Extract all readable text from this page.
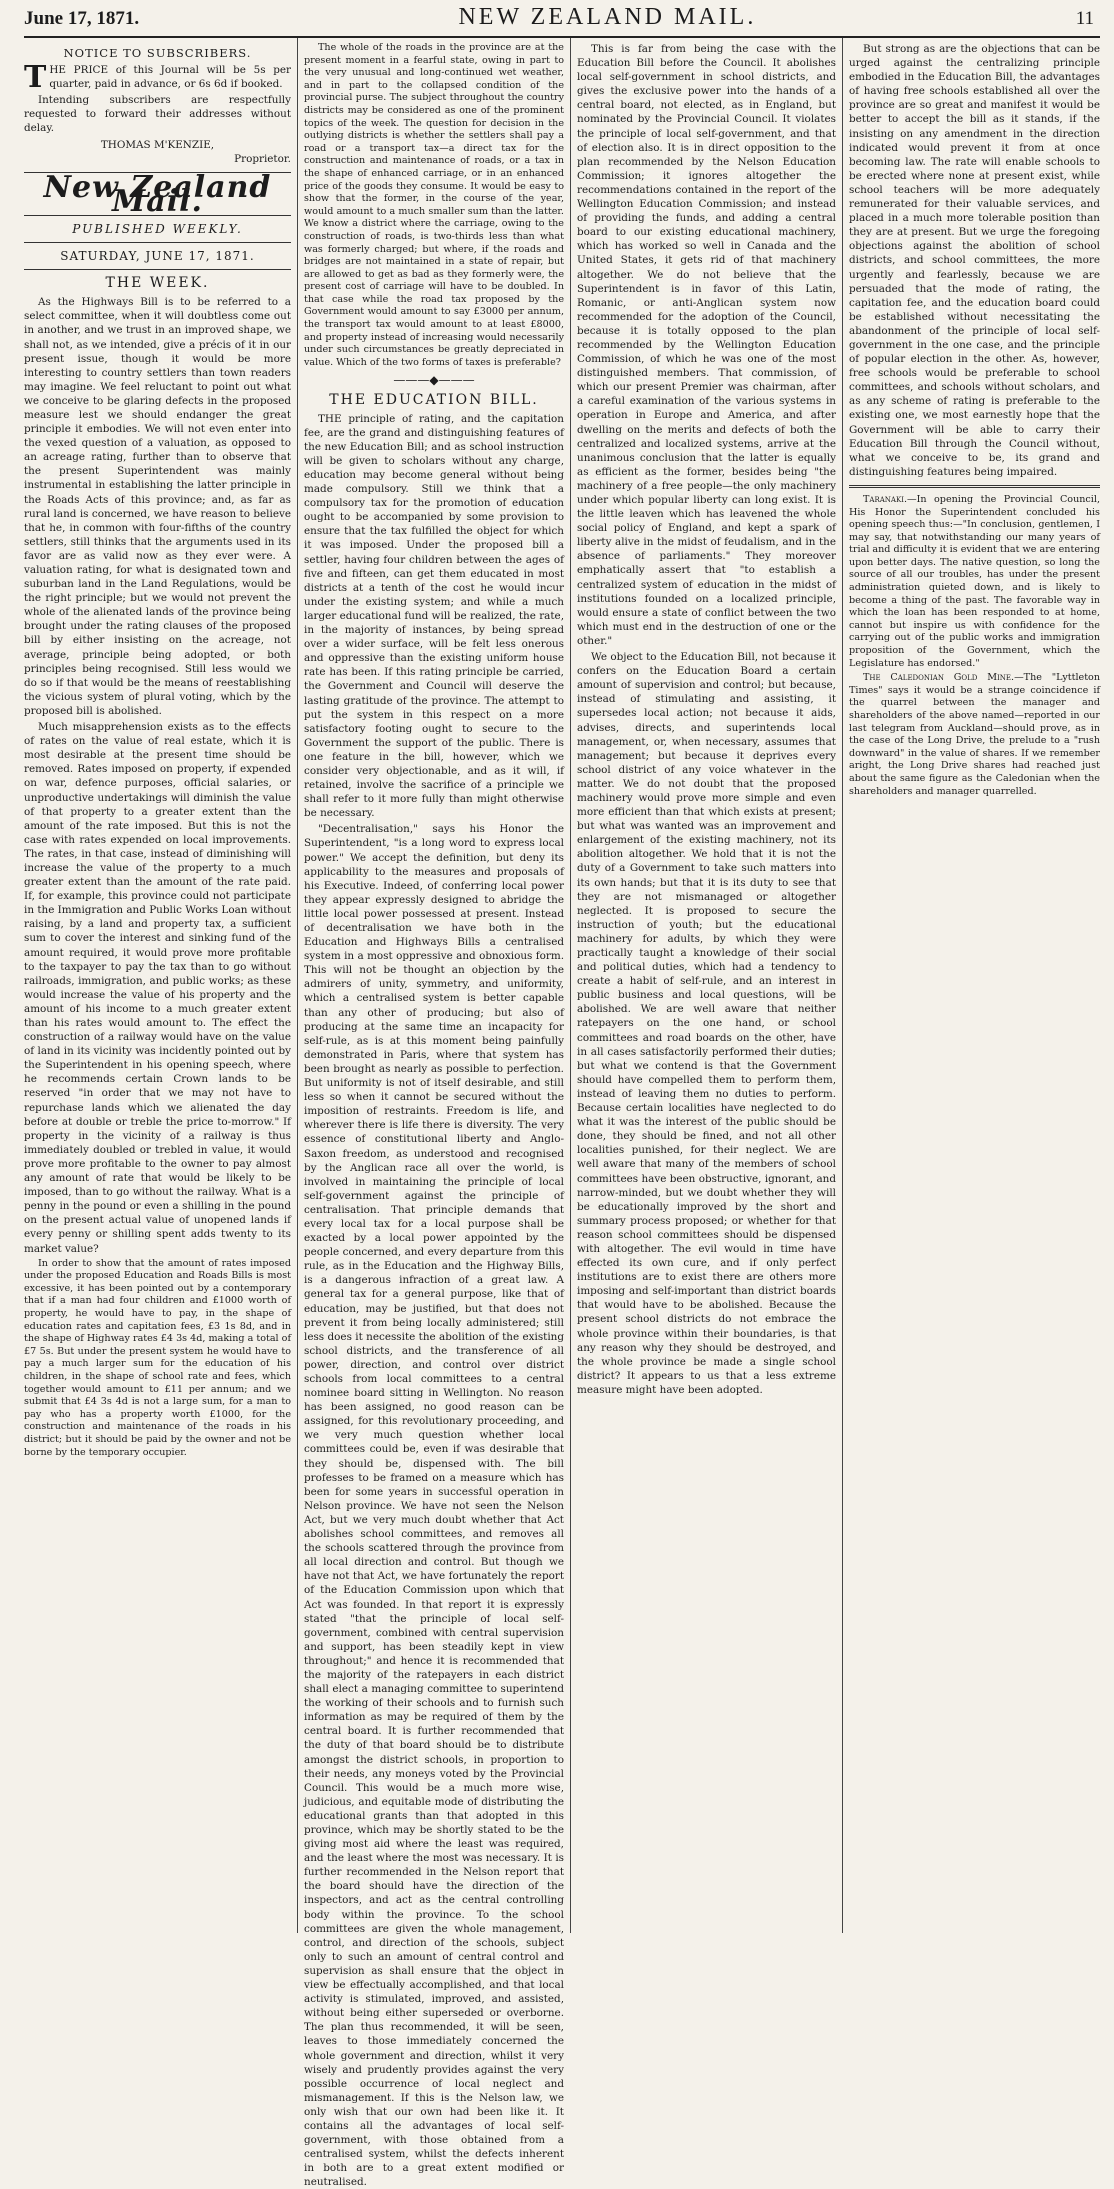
June 17, 1871.	NEW ZEALAND MAIL.	11
NOTICE TO SUBSCRIBERS.

THE PRICE of this Journal will be 5s per quarter, paid in advance, or 6s 6d if booked.

Intending subscribers are respectfully requested to forward their addresses without delay.

THOMAS M'KENZIE,
Proprietor.

New Zealand Mail.
PUBLISHED WEEKLY.
SATURDAY, JUNE 17, 1871.
THE WEEK.

As the Highways Bill is to be referred to a select committee, when it will doubtless come out in another, and we trust in an improved shape, we shall not, as we intended, give a précis of it in our present issue, though it would be more interesting to country settlers than town readers may imagine. We feel reluctant to point out what we conceive to be glaring defects in the proposed measure lest we should endanger the great principle it embodies. We will not even enter into the vexed question of a valuation, as opposed to an acreage rating, further than to observe that the present Superintendent was mainly instrumental in establishing the latter principle in the Roads Acts of this province; and, as far as rural land is concerned, we have reason to believe that he, in common with four-fifths of the country settlers, still thinks that the arguments used in its favor are as valid now as they ever were. A valuation rating, for what is designated town and suburban land in the Land Regulations, would be the right principle; but we would not prevent the whole of the alienated lands of the province being brought under the rating clauses of the proposed bill by either insisting on the acreage, not average, principle being adopted, or both principles being recognised. Still less would we do so if that would be the means of reestablishing the vicious system of plural voting, which by the proposed bill is abolished.

Much misapprehension exists as to the effects of rates on the value of real estate, which it is most desirable at the present time should be removed. Rates imposed on property, if expended on war, defence purposes, official salaries, or unproductive undertakings will diminish the value of that property to a greater extent than the amount of the rate imposed. But this is not the case with rates expended on local improvements. The rates, in that case, instead of diminishing will increase the value of the property to a much greater extent than the amount of the rate paid. If, for example, this province could not participate in the Immigration and Public Works Loan without raising, by a land and property tax, a sufficient sum to cover the interest and sinking fund of the amount required, it would prove more profitable to the taxpayer to pay the tax than to go without railroads, immigration, and public works; as these would increase the value of his property and the amount of his income to a much greater extent than his rates would amount to. The effect the construction of a railway would have on the value of land in its vicinity was incidently pointed out by the Superintendent in his opening speech, where he recommends certain Crown lands to be reserved "in order that we may not have to repurchase lands which we alienated the day before at double or treble the price to-morrow." If property in the vicinity of a railway is thus immediately doubled or trebled in value, it would prove more profitable to the owner to pay almost any amount of rate that would be likely to be imposed, than to go without the railway. What is a penny in the pound or even a shilling in the pound on the present actual value of unopened lands if every penny or shilling spent adds twenty to its market value?

In order to show that the amount of rates imposed under the proposed Education and Roads Bills is most excessive, it has been pointed out by a contemporary that if a man had four children and £1000 worth of property, he would have to pay, in the shape of education rates and capitation fees, £3 1s 8d, and in the shape of Highway rates £4 3s 4d, making a total of £7 5s. But under the present system he would have to pay a much larger sum for the education of his children, in the shape of school rate and fees, which together would amount to £11 per annum; and we submit that £4 3s 4d is not a large sum, for a man to pay who has a property worth £1000, for the construction and maintenance of the roads in his district; but it should be paid by the owner and not be borne by the temporary occupier.

The whole of the roads in the province are at the present moment in a fearful state, owing in part to the very unusual and long-continued wet weather, and in part to the collapsed condition of the provincial purse. The subject throughout the country districts may be considered as one of the prominent topics of the week. The question for decision in the outlying districts is whether the settlers shall pay a road or a transport tax—a direct tax for the construction and maintenance of roads, or a tax in the shape of enhanced carriage, or in an enhanced price of the goods they consume. It would be easy to show that the former, in the course of the year, would amount to a much smaller sum than the latter. We know a district where the carriage, owing to the construction of roads, is two-thirds less than what was formerly charged; but where, if the roads and bridges are not maintained in a state of repair, but are allowed to get as bad as they formerly were, the present cost of carriage will have to be doubled. In that case while the road tax proposed by the Government would amount to say £3000 per annum, the transport tax would amount to at least £8000, and property instead of increasing would necessarily under such circumstances be greatly depreciated in value. Which of the two forms of taxes is preferable?

———◆———
THE EDUCATION BILL.

THE principle of rating, and the capitation fee, are the grand and distinguishing features of the new Education Bill; and as school instruction will be given to scholars without any charge, education may become general without being made compulsory. Still we think that a compulsory tax for the promotion of education ought to be accompanied by some provision to ensure that the tax fulfilled the object for which it was imposed. Under the proposed bill a settler, having four children between the ages of five and fifteen, can get them educated in most districts at a tenth of the cost he would incur under the existing system; and while a much larger educational fund will be realized, the rate, in the majority of instances, by being spread over a wider surface, will be felt less onerous and oppressive than the existing uniform house rate has been. If this rating principle be carried, the Government and Council will deserve the lasting gratitude of the province. The attempt to put the system in this respect on a more satisfactory footing ought to secure to the Government the support of the public. There is one feature in the bill, however, which we consider very objectionable, and as it will, if retained, involve the sacrifice of a principle we shall refer to it more fully than might otherwise be necessary.

"Decentralisation," says his Honor the Superintendent, "is a long word to express local power." We accept the definition, but deny its applicability to the measures and proposals of his Executive. Indeed, of conferring local power they appear expressly designed to abridge the little local power possessed at present. Instead of decentralisation we have both in the Education and Highways Bills a centralised system in a most oppressive and obnoxious form. This will not be thought an objection by the admirers of unity, symmetry, and uniformity, which a centralised system is better capable than any other of producing; but also of producing at the same time an incapacity for self-rule, as is at this moment being painfully demonstrated in Paris, where that system has been brought as nearly as possible to perfection. But uniformity is not of itself desirable, and still less so when it cannot be secured without the imposition of restraints. Freedom is life, and wherever there is life there is diversity. The very essence of constitutional liberty and Anglo-Saxon freedom, as understood and recognised by the Anglican race all over the world, is involved in maintaining the principle of local self-government against the principle of centralisation. That principle demands that every local tax for a local purpose shall be exacted by a local power appointed by the people concerned, and every departure from this rule, as in the Education and the Highway Bills, is a dangerous infraction of a great law. A general tax for a general purpose, like that of education, may be justified, but that does not prevent it from being locally administered; still less does it necessite the abolition of the existing school districts, and the transference of all power, direction, and control over district schools from local committees to a central nominee board sitting in Wellington. No reason has been assigned, no good reason can be assigned, for this revolutionary proceeding, and we very much question whether local committees could be, even if was desirable that they should be, dispensed with. The bill professes to be framed on a measure which has been for some years in successful operation in Nelson province. We have not seen the Nelson Act, but we very much doubt whether that Act abolishes school committees, and removes all the schools scattered through the province from all local direction and control. But though we have not that Act, we have fortunately the report of the Education Commission upon which that Act was founded. In that report it is expressly stated "that the principle of local self-government, combined with central supervision and support, has been steadily kept in view throughout;" and hence it is recommended that the majority of the ratepayers in each district shall elect a managing committee to superintend the working of their schools and to furnish such information as may be required of them by the central board. It is further recommended that the duty of that board should be to distribute amongst the district schools, in proportion to their needs, any moneys voted by the Provincial Council. This would be a much more wise, judicious, and equitable mode of distributing the educational grants than that adopted in this province, which may be shortly stated to be the giving most aid where the least was required, and the least where the most was necessary. It is further recommended in the Nelson report that the board should have the direction of the inspectors, and act as the central controlling body within the province. To the school committees are given the whole management, control, and direction of the schools, subject only to such an amount of central control and supervision as shall ensure that the object in view be effectually accomplished, and that local activity is stimulated, improved, and assisted, without being either superseded or overborne. The plan thus recommended, it will be seen, leaves to those immediately concerned the whole government and direction, whilst it very wisely and prudently provides against the very possible occurrence of local neglect and mismanagement. If this is the Nelson law, we only wish that our own had been like it. It contains all the advantages of local self-government, with those obtained from a centralised system, whilst the defects inherent in both are to a great extent modified or neutralised.

This is far from being the case with the Education Bill before the Council. It abolishes local self-government in school districts, and gives the exclusive power into the hands of a central board, not elected, as in England, but nominated by the Provincial Council. It violates the principle of local self-government, and that of election also. It is in direct opposition to the plan recommended by the Nelson Education Commission; it ignores altogether the recommendations contained in the report of the Wellington Education Commission; and instead of providing the funds, and adding a central board to our existing educational machinery, which has worked so well in Canada and the United States, it gets rid of that machinery altogether. We do not believe that the Superintendent is in favor of this Latin, Romanic, or anti-Anglican system now recommended for the adoption of the Council, because it is totally opposed to the plan recommended by the Wellington Education Commission, of which he was one of the most distinguished members. That commission, of which our present Premier was chairman, after a careful examination of the various systems in operation in Europe and America, and after dwelling on the merits and defects of both the centralized and localized systems, arrive at the unanimous conclusion that the latter is equally as efficient as the former, besides being "the machinery of a free people—the only machinery under which popular liberty can long exist. It is the little leaven which has leavened the whole social policy of England, and kept a spark of liberty alive in the midst of feudalism, and in the absence of parliaments." They moreover emphatically assert that "to establish a centralized system of education in the midst of institutions founded on a localized principle, would ensure a state of conflict between the two which must end in the destruction of one or the other."

We object to the Education Bill, not because it confers on the Education Board a certain amount of supervision and control; but because, instead of stimulating and assisting, it supersedes local action; not because it aids, advises, directs, and superintends local management, or, when necessary, assumes that management; but because it deprives every school district of any voice whatever in the matter. We do not doubt that the proposed machinery would prove more simple and even more efficient than that which exists at present; but what was wanted was an improvement and enlargement of the existing machinery, not its abolition altogether. We hold that it is not the duty of a Government to take such matters into its own hands; but that it is its duty to see that they are not mismanaged or altogether neglected. It is proposed to secure the instruction of youth; but the educational machinery for adults, by which they were practically taught a knowledge of their social and political duties, which had a tendency to create a habit of self-rule, and an interest in public business and local questions, will be abolished. We are well aware that neither ratepayers on the one hand, or school committees and road boards on the other, have in all cases satisfactorily performed their duties; but what we contend is that the Government should have compelled them to perform them, instead of leaving them no duties to perform. Because certain localities have neglected to do what it was the interest of the public should be done, they should be fined, and not all other localities punished, for their neglect. We are well aware that many of the members of school committees have been obstructive, ignorant, and narrow-minded, but we doubt whether they will be educationally improved by the short and summary process proposed; or whether for that reason school committees should be dispensed with altogether. The evil would in time have effected its own cure, and if only perfect institutions are to exist there are others more imposing and self-important than district boards that would have to be abolished. Because the present school districts do not embrace the whole province within their boundaries, is that any reason why they should be destroyed, and the whole province be made a single school district? It appears to us that a less extreme measure might have been adopted.

But strong as are the objections that can be urged against the centralizing principle embodied in the Education Bill, the advantages of having free schools established all over the province are so great and manifest it would be better to accept the bill as it stands, if the insisting on any amendment in the direction indicated would prevent it from at once becoming law. The rate will enable schools to be erected where none at present exist, while school teachers will be more adequately remunerated for their valuable services, and placed in a much more tolerable position than they are at present. But we urge the foregoing objections against the abolition of school districts, and school committees, the more urgently and fearlessly, because we are persuaded that the mode of rating, the capitation fee, and the education board could be established without necessitating the abandonment of the principle of local self-government in the one case, and the principle of popular election in the other. As, however, free schools would be preferable to school committees, and schools without scholars, and as any scheme of rating is preferable to the existing one, we most earnestly hope that the Government will be able to carry their Education Bill through the Council without, what we conceive to be, its grand and distinguishing features being impaired.

Taranaki.—In opening the Provincial Council, His Honor the Superintendent concluded his opening speech thus:—"In conclusion, gentlemen, I may say, that notwithstanding our many years of trial and difficulty it is evident that we are entering upon better days. The native question, so long the source of all our troubles, has under the present administration quieted down, and is likely to become a thing of the past. The favorable way in which the loan has been responded to at home, cannot but inspire us with confidence for the carrying out of the public works and immigration proposition of the Government, which the Legislature has endorsed."

The Caledonian Gold Mine.—The "Lyttleton Times" says it would be a strange coincidence if the quarrel between the manager and shareholders of the above named—reported in our last telegram from Auckland—should prove, as in the case of the Long Drive, the prelude to a "rush downward" in the value of shares. If we remember aright, the Long Drive shares had reached just about the same figure as the Caledonian when the shareholders and manager quarrelled.
